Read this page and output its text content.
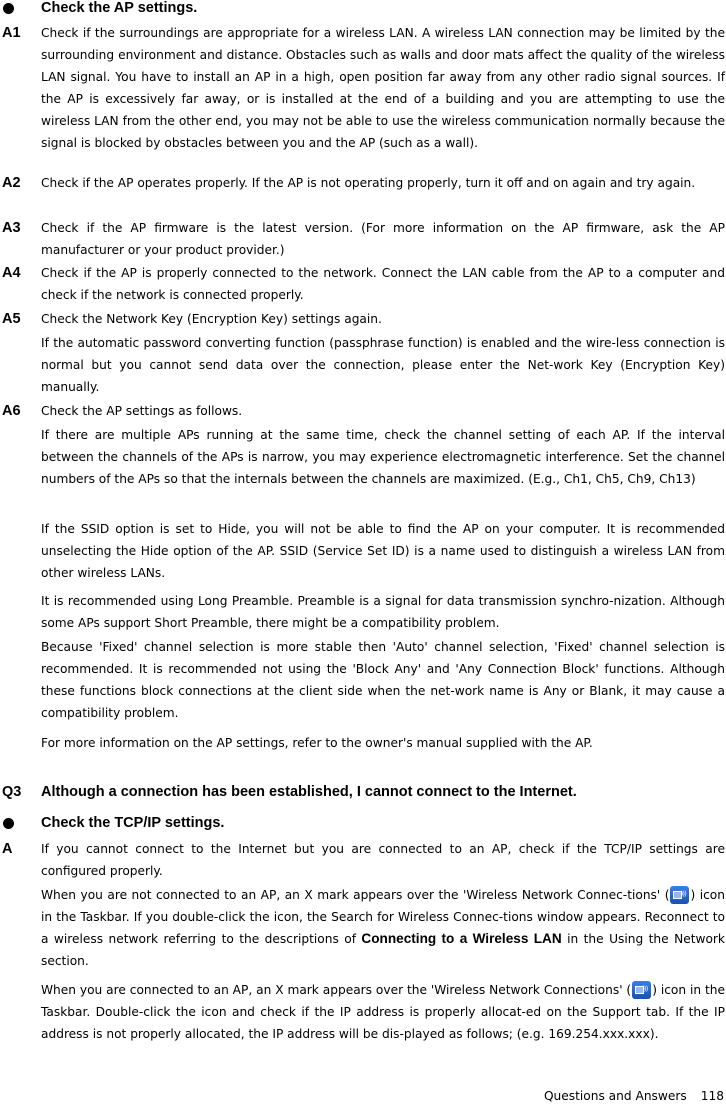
Check the AP settings.
A1	Check if the surroundings are appropriate for a wireless LAN. A wireless LAN connection may be limited by the surrounding environment and distance. Obstacles such as walls and door mats affect the quality of the wireless LAN signal. You have to install an AP in a high, open position far away from any other radio signal sources. If the AP is excessively far away, or is installed at the end of a building and you are attempting to use the wireless LAN from the other end, you may not be able to use the wireless communication normally because the signal is blocked by obstacles between you and the AP (such as a wall).
A2	Check if the AP operates properly. If the AP is not operating properly, turn it off and on again and try again.
A3	Check if the AP firmware is the latest version. (For more information on the AP firmware, ask the AP manufacturer or your product provider.)
A4	Check if the AP is properly connected to the network. Connect the LAN cable from the AP to a computer and check if the network is connected properly.
A5	Check the Network Key (Encryption Key) settings again.
If the automatic password converting function (passphrase function) is enabled and the wire-less connection is normal but you cannot send data over the connection, please enter the Net-work Key (Encryption Key) manually.
A6	Check the AP settings as follows.
If there are multiple APs running at the same time, check the channel setting of each AP. If the interval between the channels of the APs is narrow, you may experience electromagnetic interference. Set the channel numbers of the APs so that the internals between the channels are maximized. (E.g., Ch1, Ch5, Ch9, Ch13)
If the SSID option is set to Hide, you will not be able to find the AP on your computer. It is recommended unselecting the Hide option of the AP. SSID (Service Set ID) is a name used to distinguish a wireless LAN from other wireless LANs.
It is recommended using Long Preamble. Preamble is a signal for data transmission synchro-nization. Although some APs support Short Preamble, there might be a compatibility problem.
Because 'Fixed' channel selection is more stable then 'Auto' channel selection, 'Fixed' channel selection is recommended. It is recommended not using the 'Block Any' and 'Any Connection Block' functions. Although these functions block connections at the client side when the net-work name is Any or Blank, it may cause a compatibility problem.
For more information on the AP settings, refer to the owner's manual supplied with the AP.
Q3	Although a connection has been established, I cannot connect to the Internet.
Check the TCP/IP settings.
A	If you cannot connect to the Internet but you are connected to an AP, check if the TCP/IP settings are configured properly.
When you are not connected to an AP, an X mark appears over the 'Wireless Network Connec-tions' ( ))) ) icon in the Taskbar. If you double-click the icon, the Search for Wireless Connec-tions window appears. Reconnect to a wireless network referring to the descriptions of Connecting to a Wireless LAN in the Using the Network section.
When you are connected to an AP, an X mark appears over the 'Wireless Network Connections' ( ))) ) icon in the Taskbar. Double-click the icon and check if the IP address is properly allocat-ed on the Support tab. If the IP address is not properly allocated, the IP address will be dis-played as follows; (e.g. 169.254.xxx.xxx).
Questions and Answers 118
